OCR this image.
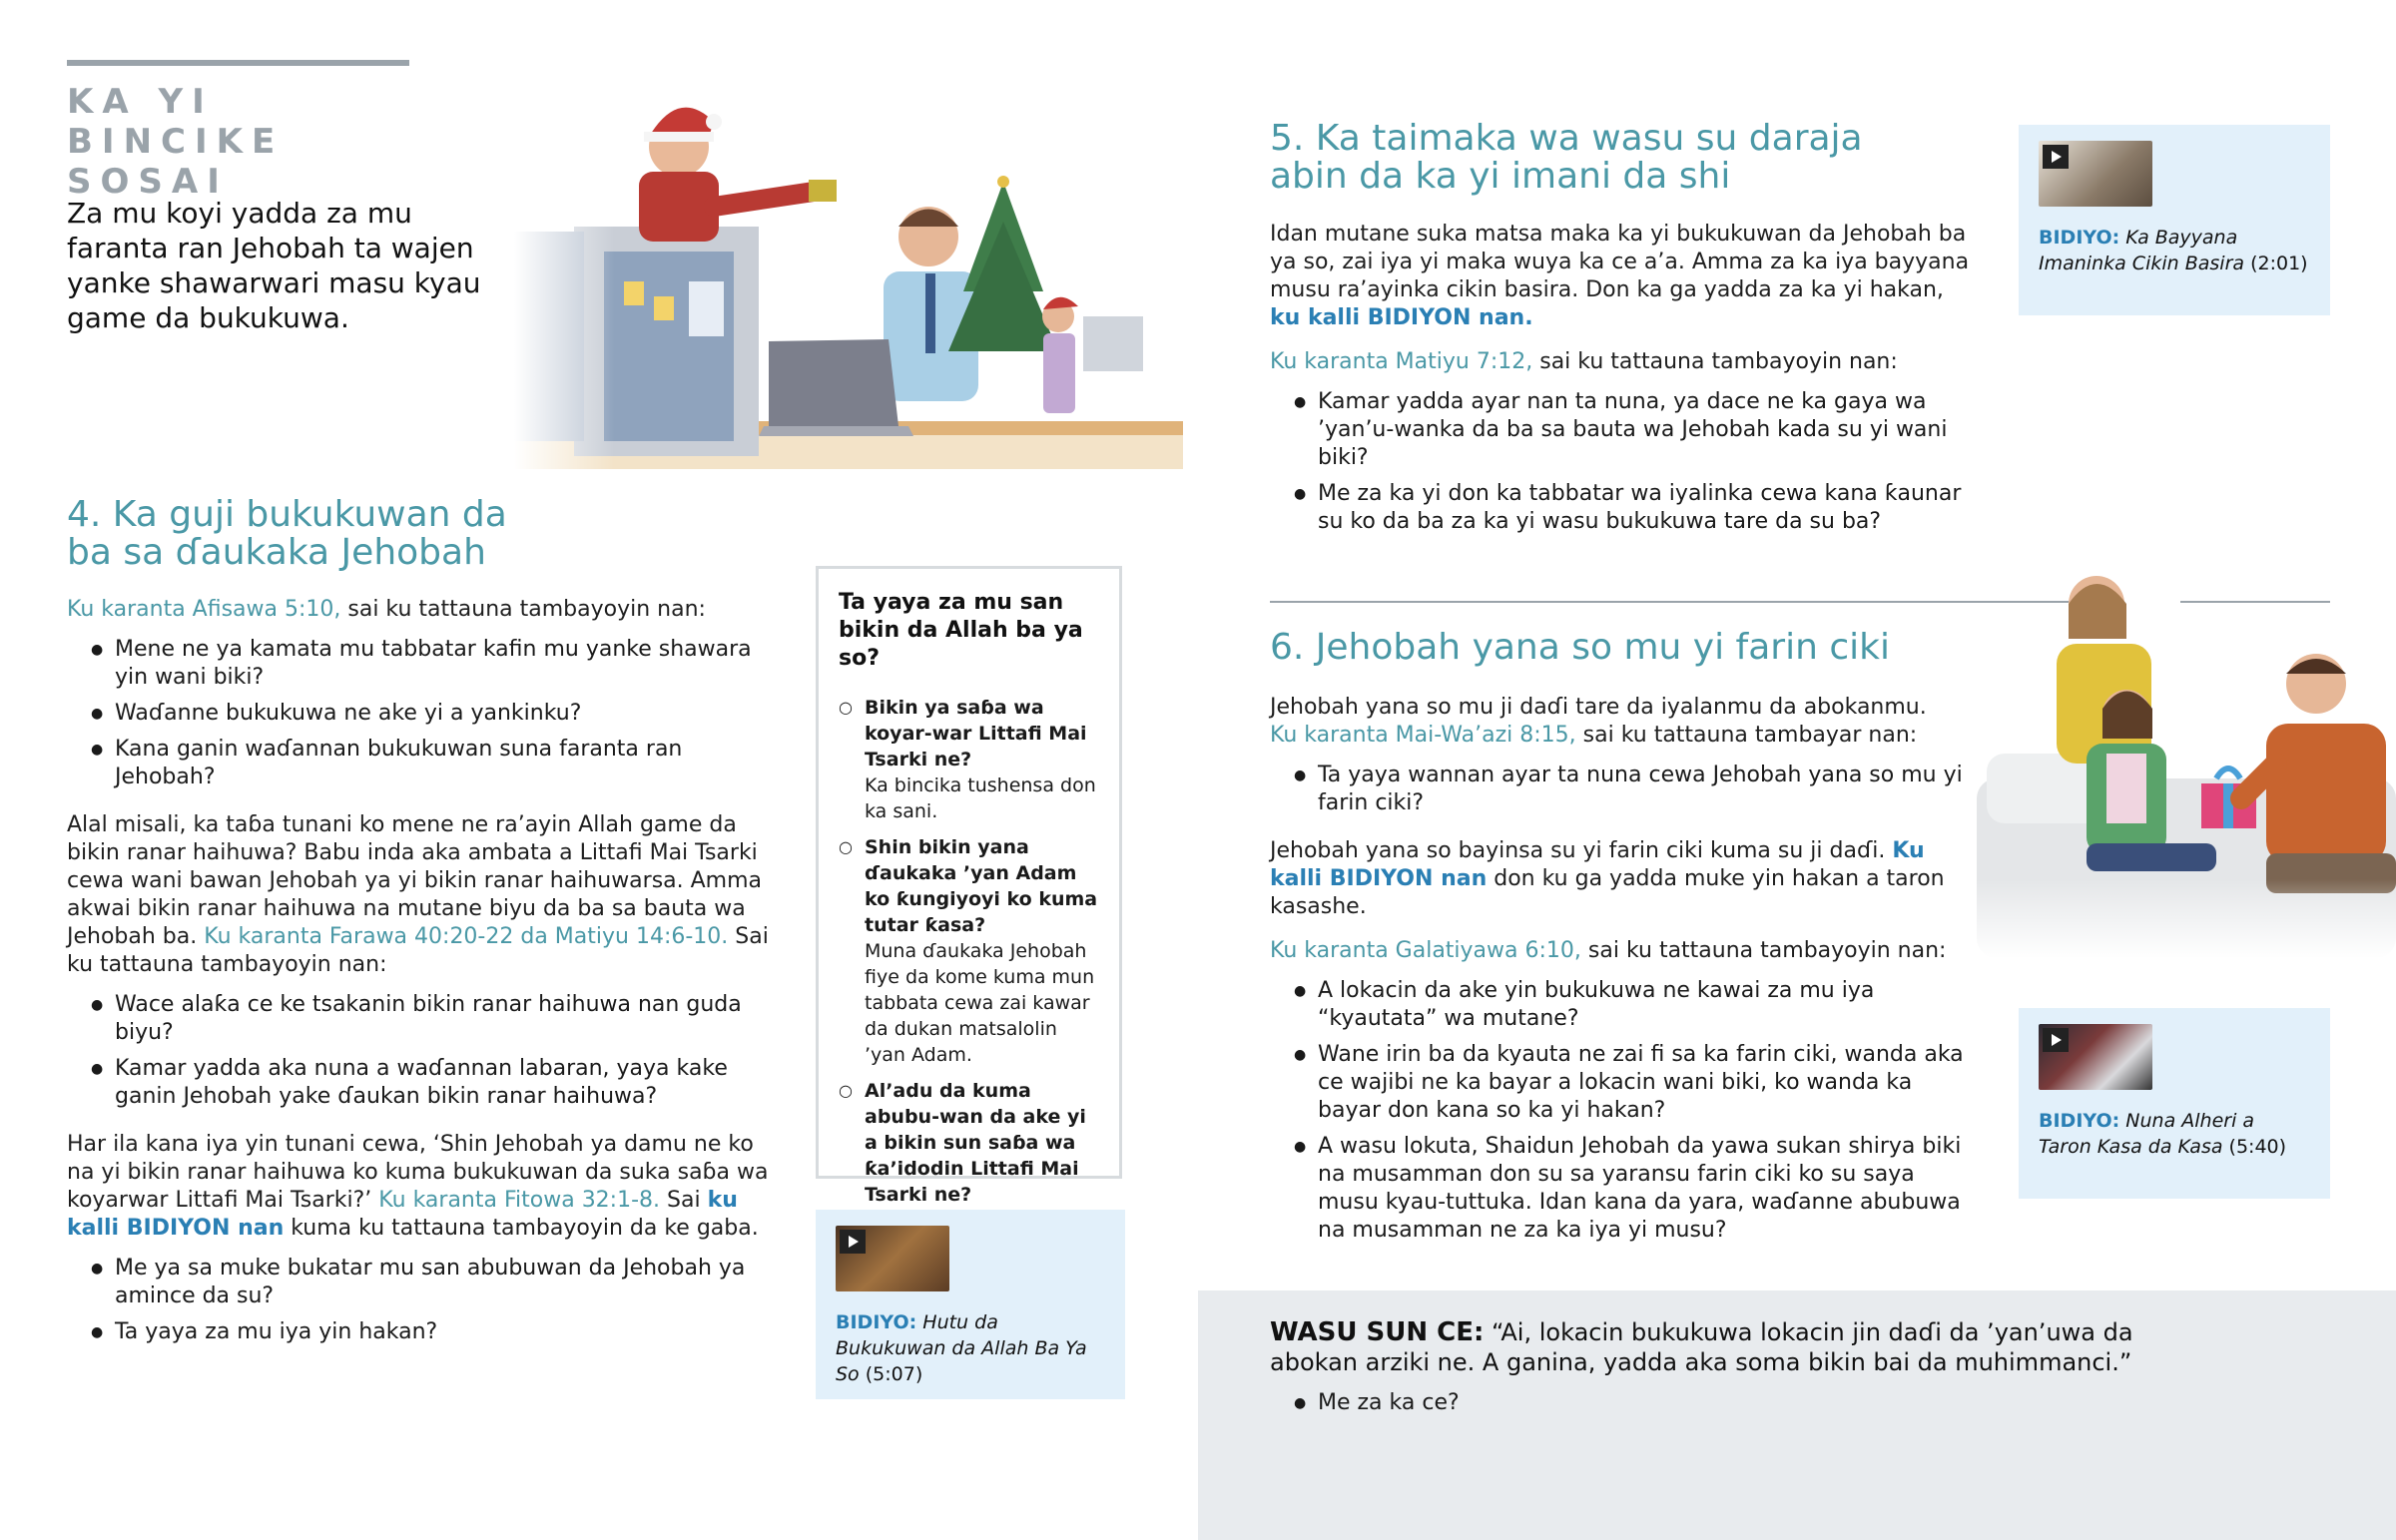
KA YI BINCIKE
SOSAI
Za mu koyi yadda za mu faranta ran Jehobah ta wajen yanke shawarwari masu kyau game da bukukuwa.
4. Ka guji bukukuwan da
ba sa ɗaukaka Jehobah

Ku karanta Afisawa 5:10, sai ku tattauna tambayoyin nan:

● Mene ne ya kamata mu tabbatar kafin mu yanke shawara yin wani biki?
● Waɗanne bukukuwa ne ake yi a yankinku?
● Kana ganin waɗannan bukukuwan suna faranta ran Jehobah?

Alal misali, ka taɓa tunani ko mene ne ra’ayin Allah game da bikin ranar haihuwa? Babu inda aka ambata a Littafi Mai Tsarki cewa wani bawan Jehobah ya yi bikin ranar haihuwarsa. Amma akwai bikin ranar haihuwa na mutane biyu da ba sa bauta wa Jehobah ba. Ku karanta Farawa 40:20-22 da Matiyu 14:6-10. Sai ku tattauna tambayoyin nan:

● Wace alaƙa ce ke tsakanin bikin ranar haihuwa nan guda biyu?
● Kamar yadda aka nuna a waɗannan labaran, yaya kake ganin Jehobah yake ɗaukan bikin ranar haihuwa?

Har ila kana iya yin tunani cewa, ‘Shin Jehobah ya damu ne ko na yi bikin ranar haihuwa ko kuma bukukuwan da suka saɓa wa koyarwar Littafi Mai Tsarki?’ Ku karanta Fitowa 32:1-8. Sai ku kalli BIDIYON nan kuma ku tattauna tambayoyin da ke gaba.

● Me ya sa muke bukatar mu san abubuwan da Jehobah ya amince da su?
● Ta yaya za mu iya yin hakan?
Ta yaya za mu san bikin da Allah ba ya so?
○ Bikin ya saɓa wa koyar-war Littafi Mai Tsarki ne?
Ka bincika tushensa don ka sani.
○ Shin bikin yana ɗaukaka ’yan Adam ko ƙungiyoyi ko kuma tutar ƙasa?
Muna ɗaukaka Jehobah fiye da kome kuma mun tabbata cewa zai kawar da dukan matsalolin ’yan Adam.
○ Al’adu da kuma abubu-wan da ake yi a bikin sun saɓa wa ƙa’idodin Littafi Mai Tsarki ne?
BIDIYO: Hutu da Bukukuwan da Allah Ba Ya So (5:07)
5. Ka taimaka wa wasu su daraja
abin da ka yi imani da shi

Idan mutane suka matsa maka ka yi bukukuwan da Jehobah ba ya so, zai iya yi maka wuya ka ce a’a. Amma za ka iya bayyana musu ra’ayinka cikin basira. Don ka ga yadda za ka yi hakan, ku kalli BIDIYON nan.

Ku karanta Matiyu 7:12, sai ku tattauna tambayoyin nan:

● Kamar yadda ayar nan ta nuna, ya dace ne ka gaya wa ’yan’u-wanka da ba sa bauta wa Jehobah kada su yi wani biki?
● Me za ka yi don ka tabbatar wa iyalinka cewa kana ƙaunar su ko da ba za ka yi wasu bukukuwa tare da su ba?
BIDIYO: Ka Bayyana Imaninka Cikin Basira (2:01)
6. Jehobah yana so mu yi farin ciki

Jehobah yana so mu ji daɗi tare da iyalanmu da abokanmu.
Ku karanta Mai-Wa’azi 8:15, sai ku tattauna tambayar nan:

● Ta yaya wannan ayar ta nuna cewa Jehobah yana so mu yi farin ciki?

Jehobah yana so bayinsa su yi farin ciki kuma su ji daɗi. Ku kalli BIDIYON nan don ku ga yadda muke yin hakan a taron kasashe.

Ku karanta Galatiyawa 6:10, sai ku tattauna tambayoyin nan:

● A lokacin da ake yin bukukuwa ne kawai za mu iya “kyautata” wa mutane?
● Wane irin ba da kyauta ne zai fi sa ka farin ciki, wanda aka ce wajibi ne ka bayar a lokacin wani biki, ko wanda ka bayar don kana so ka yi hakan?
● A wasu lokuta, Shaidun Jehobah da yawa sukan shirya biki na musamman don su sa yaransu farin ciki ko su saya musu kyau-tuttuka. Idan kana da yara, waɗanne abubuwa na musamman ne za ka iya yi musu?
BIDIYO: Nuna Alheri a Taron Kasa da Kasa (5:40)

WASU SUN CE: “Ai, lokacin bukukuwa lokacin jin daɗi da ’yan’uwa da abokan arziki ne. A ganina, yadda aka soma bikin bai da muhimmanci.”

● Me za ka ce?
